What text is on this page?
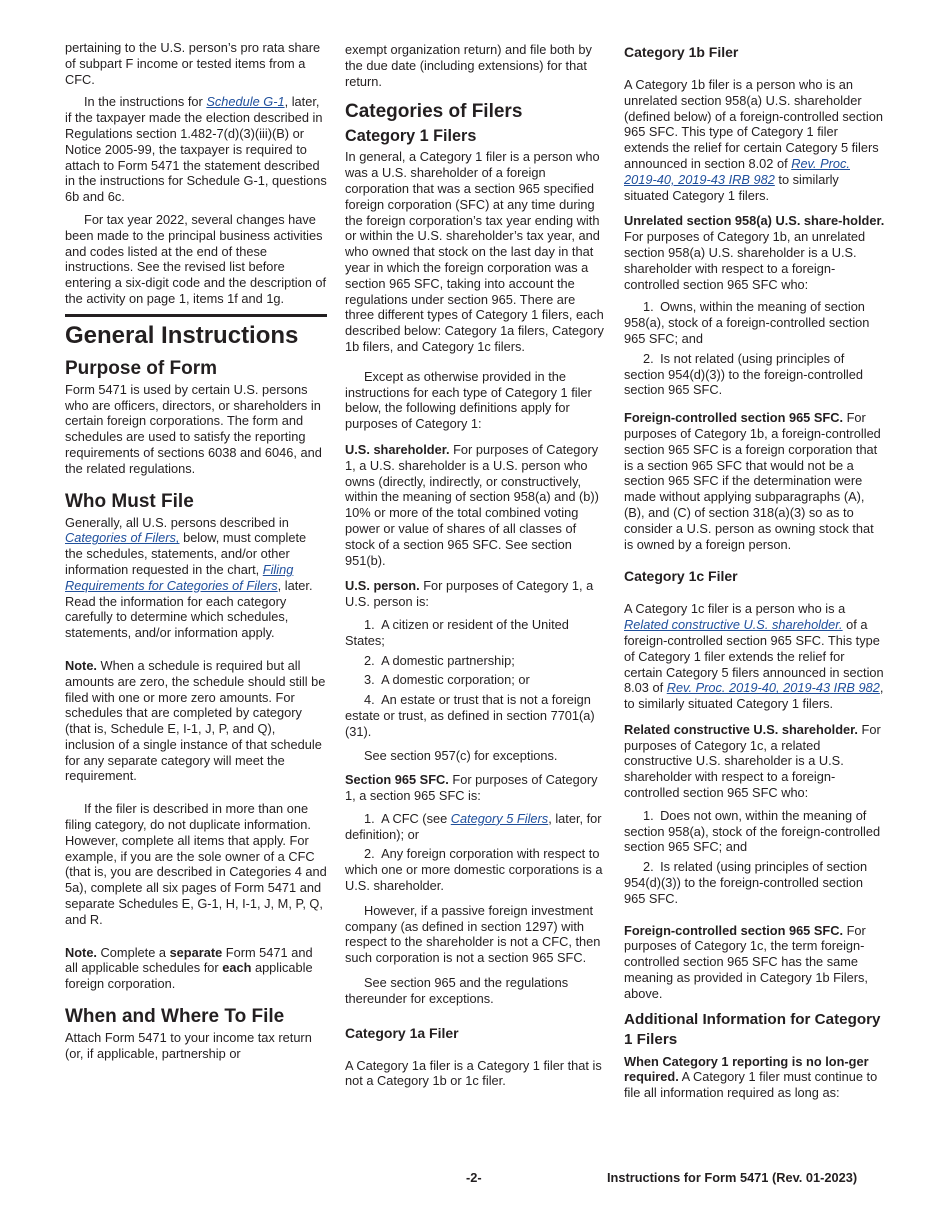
pertaining to the U.S. person’s pro rata share of subpart F income or tested items from a CFC.

In the instructions for Schedule G-1, later, if the taxpayer made the election described in Regulations section 1.482-7(d)(3)(iii)(B) or Notice 2005-99, the taxpayer is required to attach to Form 5471 the statement described in the instructions for Schedule G-1, questions 6b and 6c.

For tax year 2022, several changes have been made to the principal business activities and codes listed at the end of these instructions. See the revised list before entering a six-digit code and the description of the activity on page 1, items 1f and 1g.

General Instructions
Purpose of Form

Form 5471 is used by certain U.S. persons who are officers, directors, or shareholders in certain foreign corporations. The form and schedules are used to satisfy the reporting requirements of sections 6038 and 6046, and the related regulations.

Who Must File

Generally, all U.S. persons described in Categories of Filers, below, must complete the schedules, statements, and/or other information requested in the chart, Filing Requirements for Categories of Filers, later. Read the information for each category carefully to determine which schedules, statements, and/or information apply.

Note. When a schedule is required but all amounts are zero, the schedule should still be filed with one or more zero amounts. For schedules that are completed by category (that is, Schedule E, I-1, J, P, and Q), inclusion of a single instance of that schedule for any separate category will meet the requirement.

If the filer is described in more than one filing category, do not duplicate information. However, complete all items that apply. For example, if you are the sole owner of a CFC (that is, you are described in Categories 4 and 5a), complete all six pages of Form 5471 and separate Schedules E, G-1, H, I-1, J, M, P, Q, and R.

Note. Complete a separate Form 5471 and all applicable schedules for each applicable foreign corporation.

When and Where To File

Attach Form 5471 to your income tax return (or, if applicable, partnership or

exempt organization return) and file both by the due date (including extensions) for that return.

Categories of Filers
Category 1 Filers

In general, a Category 1 filer is a person who was a U.S. shareholder of a foreign corporation that was a section 965 specified foreign corporation (SFC) at any time during the foreign corporation’s tax year ending with or within the U.S. shareholder’s tax year, and who owned that stock on the last day in that year in which the foreign corporation was a section 965 SFC, taking into account the regulations under section 965. There are three different types of Category 1 filers, each described below: Category 1a filers, Category 1b filers, and Category 1c filers.

Except as otherwise provided in the instructions for each type of Category 1 filer below, the following definitions apply for purposes of Category 1:

U.S. shareholder. For purposes of Category 1, a U.S. shareholder is a U.S. person who owns (directly, indirectly, or constructively, within the meaning of section 958(a) and (b)) 10% or more of the total combined voting power or value of shares of all classes of stock of a section 965 SFC. See section 951(b).

U.S. person. For purposes of Category 1, a U.S. person is:

1. A citizen or resident of the United States;

2. A domestic partnership;

3. A domestic corporation; or

4. An estate or trust that is not a foreign estate or trust, as defined in section 7701(a)(31).

See section 957(c) for exceptions.

Section 965 SFC. For purposes of Category 1, a section 965 SFC is:

1. A CFC (see Category 5 Filers, later, for definition); or

2. Any foreign corporation with respect to which one or more domestic corporations is a U.S. shareholder.

However, if a passive foreign investment company (as defined in section 1297) with respect to the shareholder is not a CFC, then such corporation is not a section 965 SFC.

See section 965 and the regulations thereunder for exceptions.

Category 1a Filer

A Category 1a filer is a Category 1 filer that is not a Category 1b or 1c filer.

Category 1b Filer

A Category 1b filer is a person who is an unrelated section 958(a) U.S. shareholder (defined below) of a foreign-controlled section 965 SFC. This type of Category 1 filer extends the relief for certain Category 5 filers announced in section 8.02 of Rev. Proc. 2019-40, 2019-43 IRB 982 to similarly situated Category 1 filers.

Unrelated section 958(a) U.S. share-holder. For purposes of Category 1b, an unrelated section 958(a) U.S. shareholder is a U.S. shareholder with respect to a foreign-controlled section 965 SFC who:

1. Owns, within the meaning of section 958(a), stock of a foreign-controlled section 965 SFC; and

2. Is not related (using principles of section 954(d)(3)) to the foreign-controlled section 965 SFC.

Foreign-controlled section 965 SFC. For purposes of Category 1b, a foreign-controlled section 965 SFC is a foreign corporation that is a section 965 SFC that would not be a section 965 SFC if the determination were made without applying subparagraphs (A), (B), and (C) of section 318(a)(3) so as to consider a U.S. person as owning stock that is owned by a foreign person.

Category 1c Filer

A Category 1c filer is a person who is a Related constructive U.S. shareholder. of a foreign-controlled section 965 SFC. This type of Category 1 filer extends the relief for certain Category 5 filers announced in section 8.03 of Rev. Proc. 2019-40, 2019-43 IRB 982, to similarly situated Category 1 filers.

Related constructive U.S. shareholder. For purposes of Category 1c, a related constructive U.S. shareholder is a U.S. shareholder with respect to a foreign-controlled section 965 SFC who:

1. Does not own, within the meaning of section 958(a), stock of the foreign-controlled section 965 SFC; and

2. Is related (using principles of section 954(d)(3)) to the foreign-controlled section 965 SFC.

Foreign-controlled section 965 SFC. For purposes of Category 1c, the term foreign-controlled section 965 SFC has the same meaning as provided in Category 1b Filers, above.

Additional Information for Category 1 Filers

When Category 1 reporting is no lon-ger required. A Category 1 filer must continue to file all information required as long as:

-2-	Instructions for Form 5471 (Rev. 01-2023)
